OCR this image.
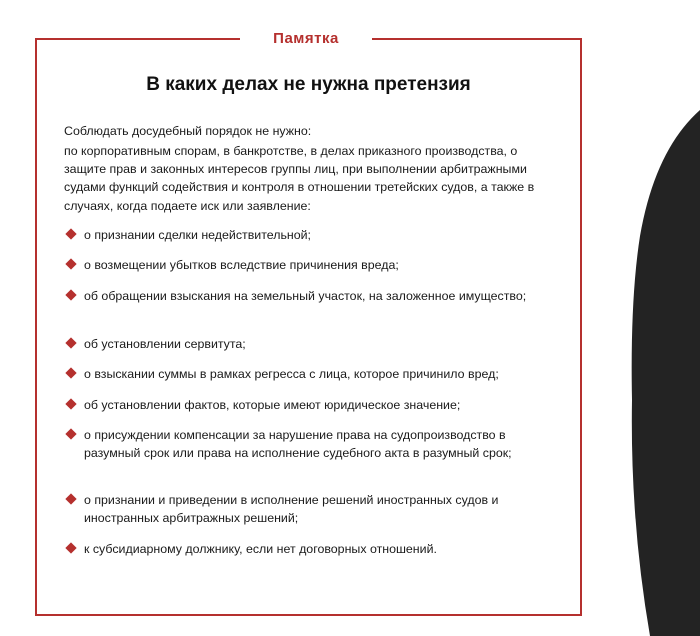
Памятка
В каких делах не нужна претензия
Соблюдать досудебный порядок не нужно:
по корпоративным спорам, в банкротстве, в делах приказного производства, о защите прав и законных интересов группы лиц, при выполнении арбитражными судами функций содействия и контроля в отношении третейских судов, а также в случаях, когда подаете иск или заявление:
о признании сделки недействительной;
о возмещении убытков вследствие причинения вреда;
об обращении взыскания на земельный участок, на заложенное имущество;
об установлении сервитута;
о взыскании суммы в рамках регресса с лица, которое причинило вред;
об установлении фактов, которые имеют юридическое значение;
о присуждении компенсации за нарушение права на судопроизводство в разумный срок или права на исполнение судебного акта в разумный срок;
о признании и приведении в исполнение решений иностранных судов и иностранных арбитражных решений;
к субсидиарному должнику, если нет договорных отношений.
